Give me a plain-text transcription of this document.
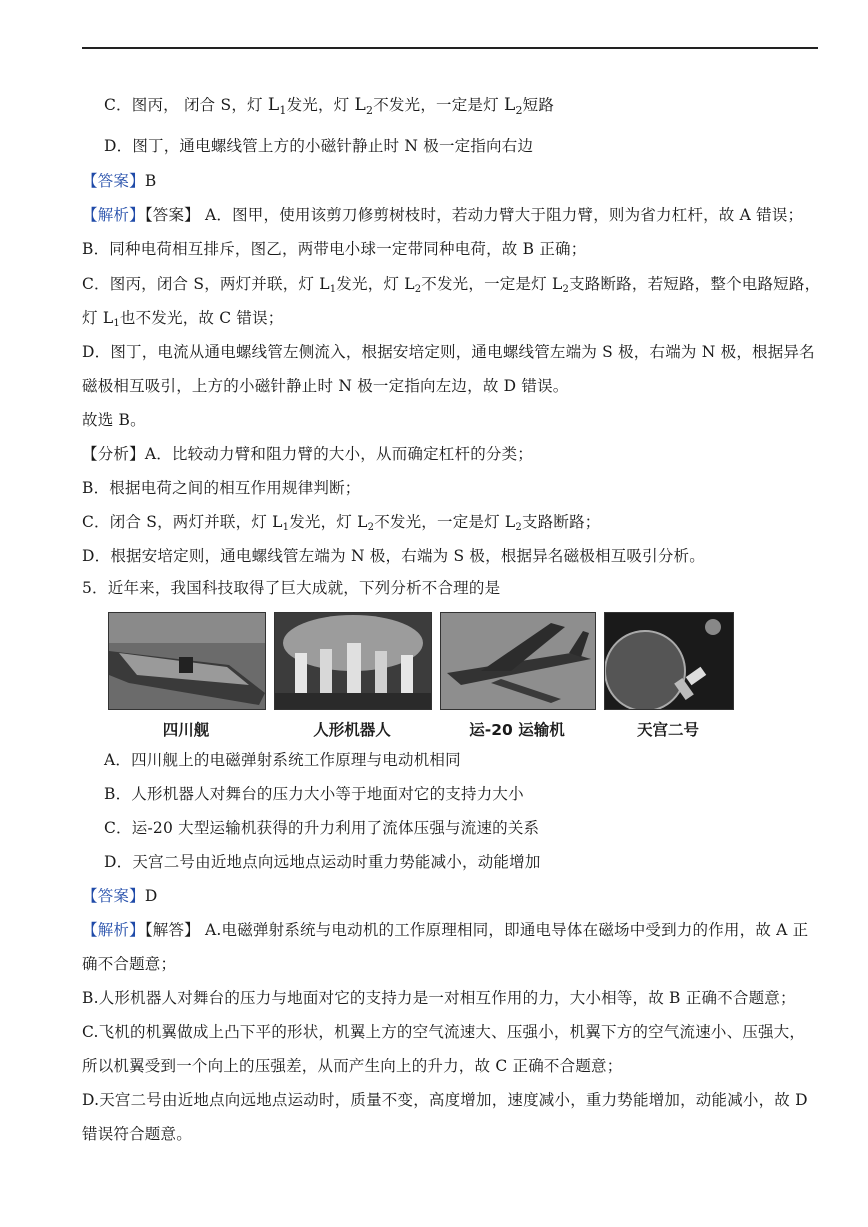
C．图丙， 闭合 S，灯 $L_1$发光，灯 $L_2$不发光，一定是灯 $L_2$短路
D．图丁，通电螺线管上方的小磁针静止时 N 极一定指向右边
【答案】B
【解析】【答案】 A．图甲，使用该剪刀修剪树枝时，若动力臂大于阻力臂，则为省力杠杆，故 A 错误；
B．同种电荷相互排斥，图乙，两带电小球一定带同种电荷，故 B 正确；
C．图丙，闭合 S，两灯并联，灯 $L_1$发光，灯 $L_2$不发光，一定是灯 $L_2$支路断路，若短路，整个电路短路，
灯 $L_1$也不发光，故 C 错误；
D．图丁，电流从通电螺线管左侧流入，根据安培定则，通电螺线管左端为 S 极，右端为 N 极，根据异名
磁极相互吸引，上方的小磁针静止时 N 极一定指向左边，故 D 错误。
故选 B。
【分析】A．比较动力臂和阻力臂的大小，从而确定杠杆的分类；
B．根据电荷之间的相互作用规律判断；
C．闭合 S，两灯并联，灯 $L_1$发光，灯 $L_2$不发光，一定是灯 $L_2$支路断路；
D．根据安培定则，通电螺线管左端为 N 极，右端为 S 极，根据异名磁极相互吸引分析。
5．近年来，我国科技取得了巨大成就，下列分析不合理的是
四川舰	人形机器人	运-20 运输机	天宫二号
A．四川舰上的电磁弹射系统工作原理与电动机相同
B．人形机器人对舞台的压力大小等于地面对它的支持力大小
C．运-20 大型运输机获得的升力利用了流体压强与流速的关系
D．天宫二号由近地点向远地点运动时重力势能减小，动能增加
【答案】D
【解析】【解答】 A.电磁弹射系统与电动机的工作原理相同，即通电导体在磁场中受到力的作用，故 A 正
确不合题意；
B.人形机器人对舞台的压力与地面对它的支持力是一对相互作用的力，大小相等，故 B 正确不合题意；
C.飞机的机翼做成上凸下平的形状，机翼上方的空气流速大、压强小，机翼下方的空气流速小、压强大，
所以机翼受到一个向上的压强差，从而产生向上的升力，故 C 正确不合题意；
D.天宫二号由近地点向远地点运动时，质量不变，高度增加，速度减小，重力势能增加，动能减小，故 D
错误符合题意。
